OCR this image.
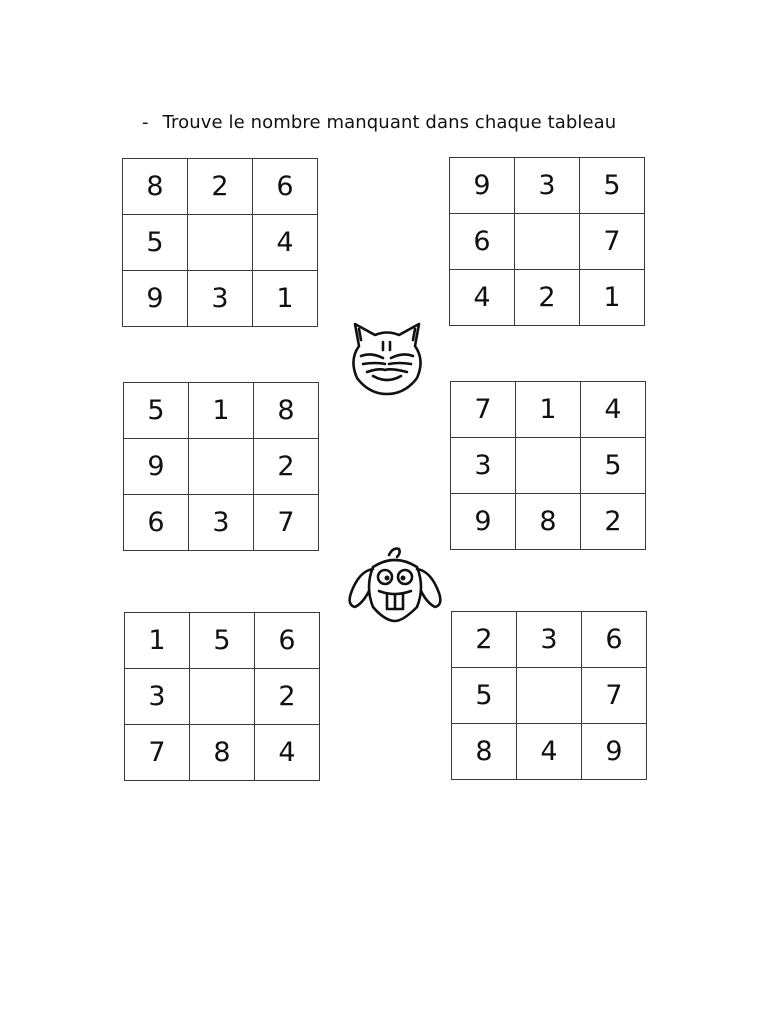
- Trouve le nombre manquant dans chaque tableau
8	2	6
5		4
9	3	1
9	3	5
6		7
4	2	1
5	1	8
9		2
6	3	7
7	1	4
3		5
9	8	2
1	5	6
3		2
7	8	4
2	3	6
5		7
8	4	9
